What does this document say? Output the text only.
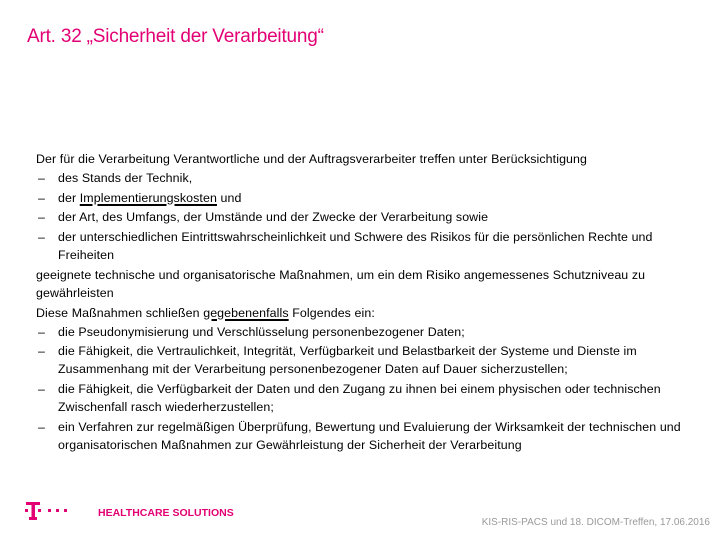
Art. 32 „Sicherheit der Verarbeitung“

Der für die Verarbeitung Verantwortliche und der Auftragsverarbeiter treffen unter Berücksichtigung

– des Stands der Technik,
– der Implementierungskosten und
– der Art, des Umfangs, der Umstände und der Zwecke der Verarbeitung sowie
– der unterschiedlichen Eintrittswahrscheinlichkeit und Schwere des Risikos für die persönlichen Rechte und Freiheiten

geeignete technische und organisatorische Maßnahmen, um ein dem Risiko angemessenes Schutzniveau zu gewährleisten

Diese Maßnahmen schließen gegebenenfalls Folgendes ein:

– die Pseudonymisierung und Verschlüsselung personenbezogener Daten;
– die Fähigkeit, die Vertraulichkeit, Integrität, Verfügbarkeit und Belastbarkeit der Systeme und Dienste im Zusammenhang mit der Verarbeitung personenbezogener Daten auf Dauer sicherzustellen;
– die Fähigkeit, die Verfügbarkeit der Daten und den Zugang zu ihnen bei einem physischen oder technischen Zwischenfall rasch wiederherzustellen;
– ein Verfahren zur regelmäßigen Überprüfung, Bewertung und Evaluierung der Wirksamkeit der technischen und organisatorischen Maßnahmen zur Gewährleistung der Sicherheit der Verarbeitung
HEALTHCARE SOLUTIONS
KIS-RIS-PACS und 18. DICOM-Treffen, 17.06.2016
